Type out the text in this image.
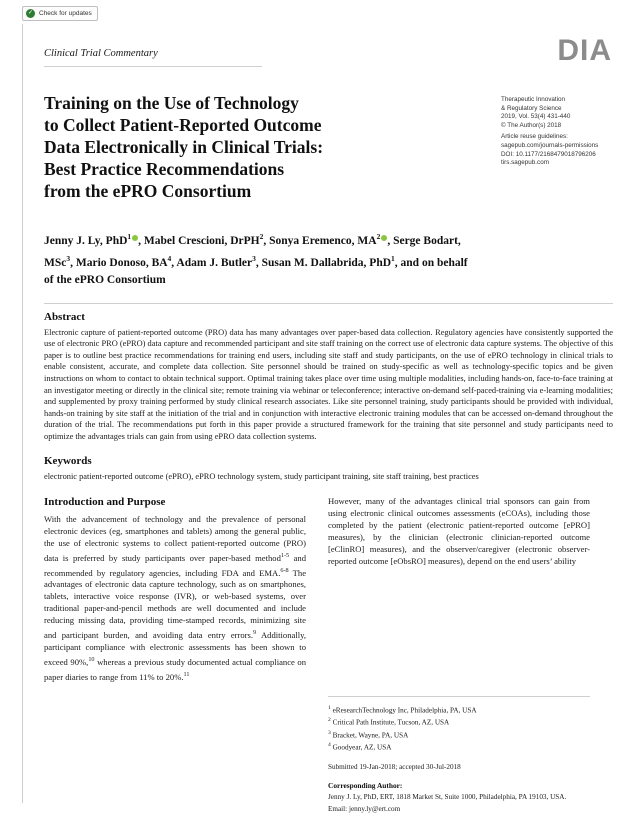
✓ Check for updates
Clinical Trial Commentary	DIA
Training on the Use of Technology
to Collect Patient-Reported Outcome
Data Electronically in Clinical Trials:
Best Practice Recommendations
from the ePRO Consortium
Therapeutic Innovation
& Regulatory Science
2019, Vol. 53(4) 431-440
© The Author(s) 2018
Article reuse guidelines:
sagepub.com/journals-permissions
DOI: 10.1177/2168479018796206
tirs.sagepub.com
Jenny J. Ly, PhD$^1$ , Mabel Crescioni, DrPH$^2$, Sonya Eremenco, $MA^2$ , Serge Bodart, MSc$^3$, Mario Donoso, $BA^4$, Adam J. Butler$^3$, Susan M. Dallabrida, PhD$^1$, and on behalf of the ePRO Consortium
Abstract

Electronic capture of patient-reported outcome (PRO) data has many advantages over paper-based data collection. Regulatory agencies have consistently supported the use of electronic PRO (ePRO) data capture and recommended participant and site staff training on the correct use of electronic data capture systems. The objective of this paper is to outline best practice recommendations for training end users, including site staff and study participants, on the use of ePRO technology in clinical trials to enable consistent, accurate, and complete data collection. Site personnel should be trained on study-specific as well as technology-specific topics and be given instructions on whom to contact to obtain technical support. Optimal training takes place over time using multiple modalities, including hands-on, face-to-face training at an investigator meeting or directly in the clinical site; remote training via webinar or teleconference; interactive on-demand self-paced-training via e-learning modalities; and supplemented by proxy training performed by study clinical research associates. Like site personnel training, study participants should be provided with individual, hands-on training by site staff at the initiation of the trial and in conjunction with interactive electronic training modules that can be accessed on-demand throughout the duration of the trial. The recommendations put forth in this paper provide a structured framework for the training that site personnel and study participants need to optimize the advantages trials can gain from using ePRO data collection systems.

Keywords

electronic patient-reported outcome (ePRO), ePRO technology system, study participant training, site staff training, best practices

Introduction and Purpose

With the advancement of technology and the prevalence of personal electronic devices (eg, smartphones and tablets) among the general public, the use of electronic systems to collect patient-reported outcome (PRO) data is preferred by study participants over paper-based method$^{1-5}$ and recommended by regulatory agencies, including FDA and EMA.$^{6-8}$ The advantages of electronic data capture technology, such as on smartphones, tablets, interactive voice response (IVR), or web-based systems, over traditional paper-and-pencil methods are well documented and include reducing missing data, providing time-stamped records, minimizing site and participant burden, and avoiding data entry errors.$^9$ Additionally, participant compliance with electronic assessments has been shown to exceed 90%,$^{10}$ whereas a previous study documented actual compliance on paper diaries to range from 11% to 20%.$^{11}$

However, many of the advantages clinical trial sponsors can gain from using electronic clinical outcomes assessments (eCOAs), including those completed by the patient (electronic patient-reported outcome [ePRO] measures), by the clinician (electronic clinician-reported outcome [eClinRO] measures), and the observer/caregiver (electronic observer-reported outcome [eObsRO] measures), depend on the end users’ ability

$^1$ eResearchTechnology Inc, Philadelphia, PA, USA

$^2$ Critical Path Institute, Tucson, AZ, USA

$^3$ Bracket, Wayne, PA, USA

$^4$ Goodyear, AZ, USA

Submitted 19-Jan-2018; accepted 30-Jul-2018
Corresponding Author:
Jenny J. Ly, PhD, ERT, 1818 Market St, Suite 1000, Philadelphia, PA 19103, USA.
Email: jenny.ly@ert.com
